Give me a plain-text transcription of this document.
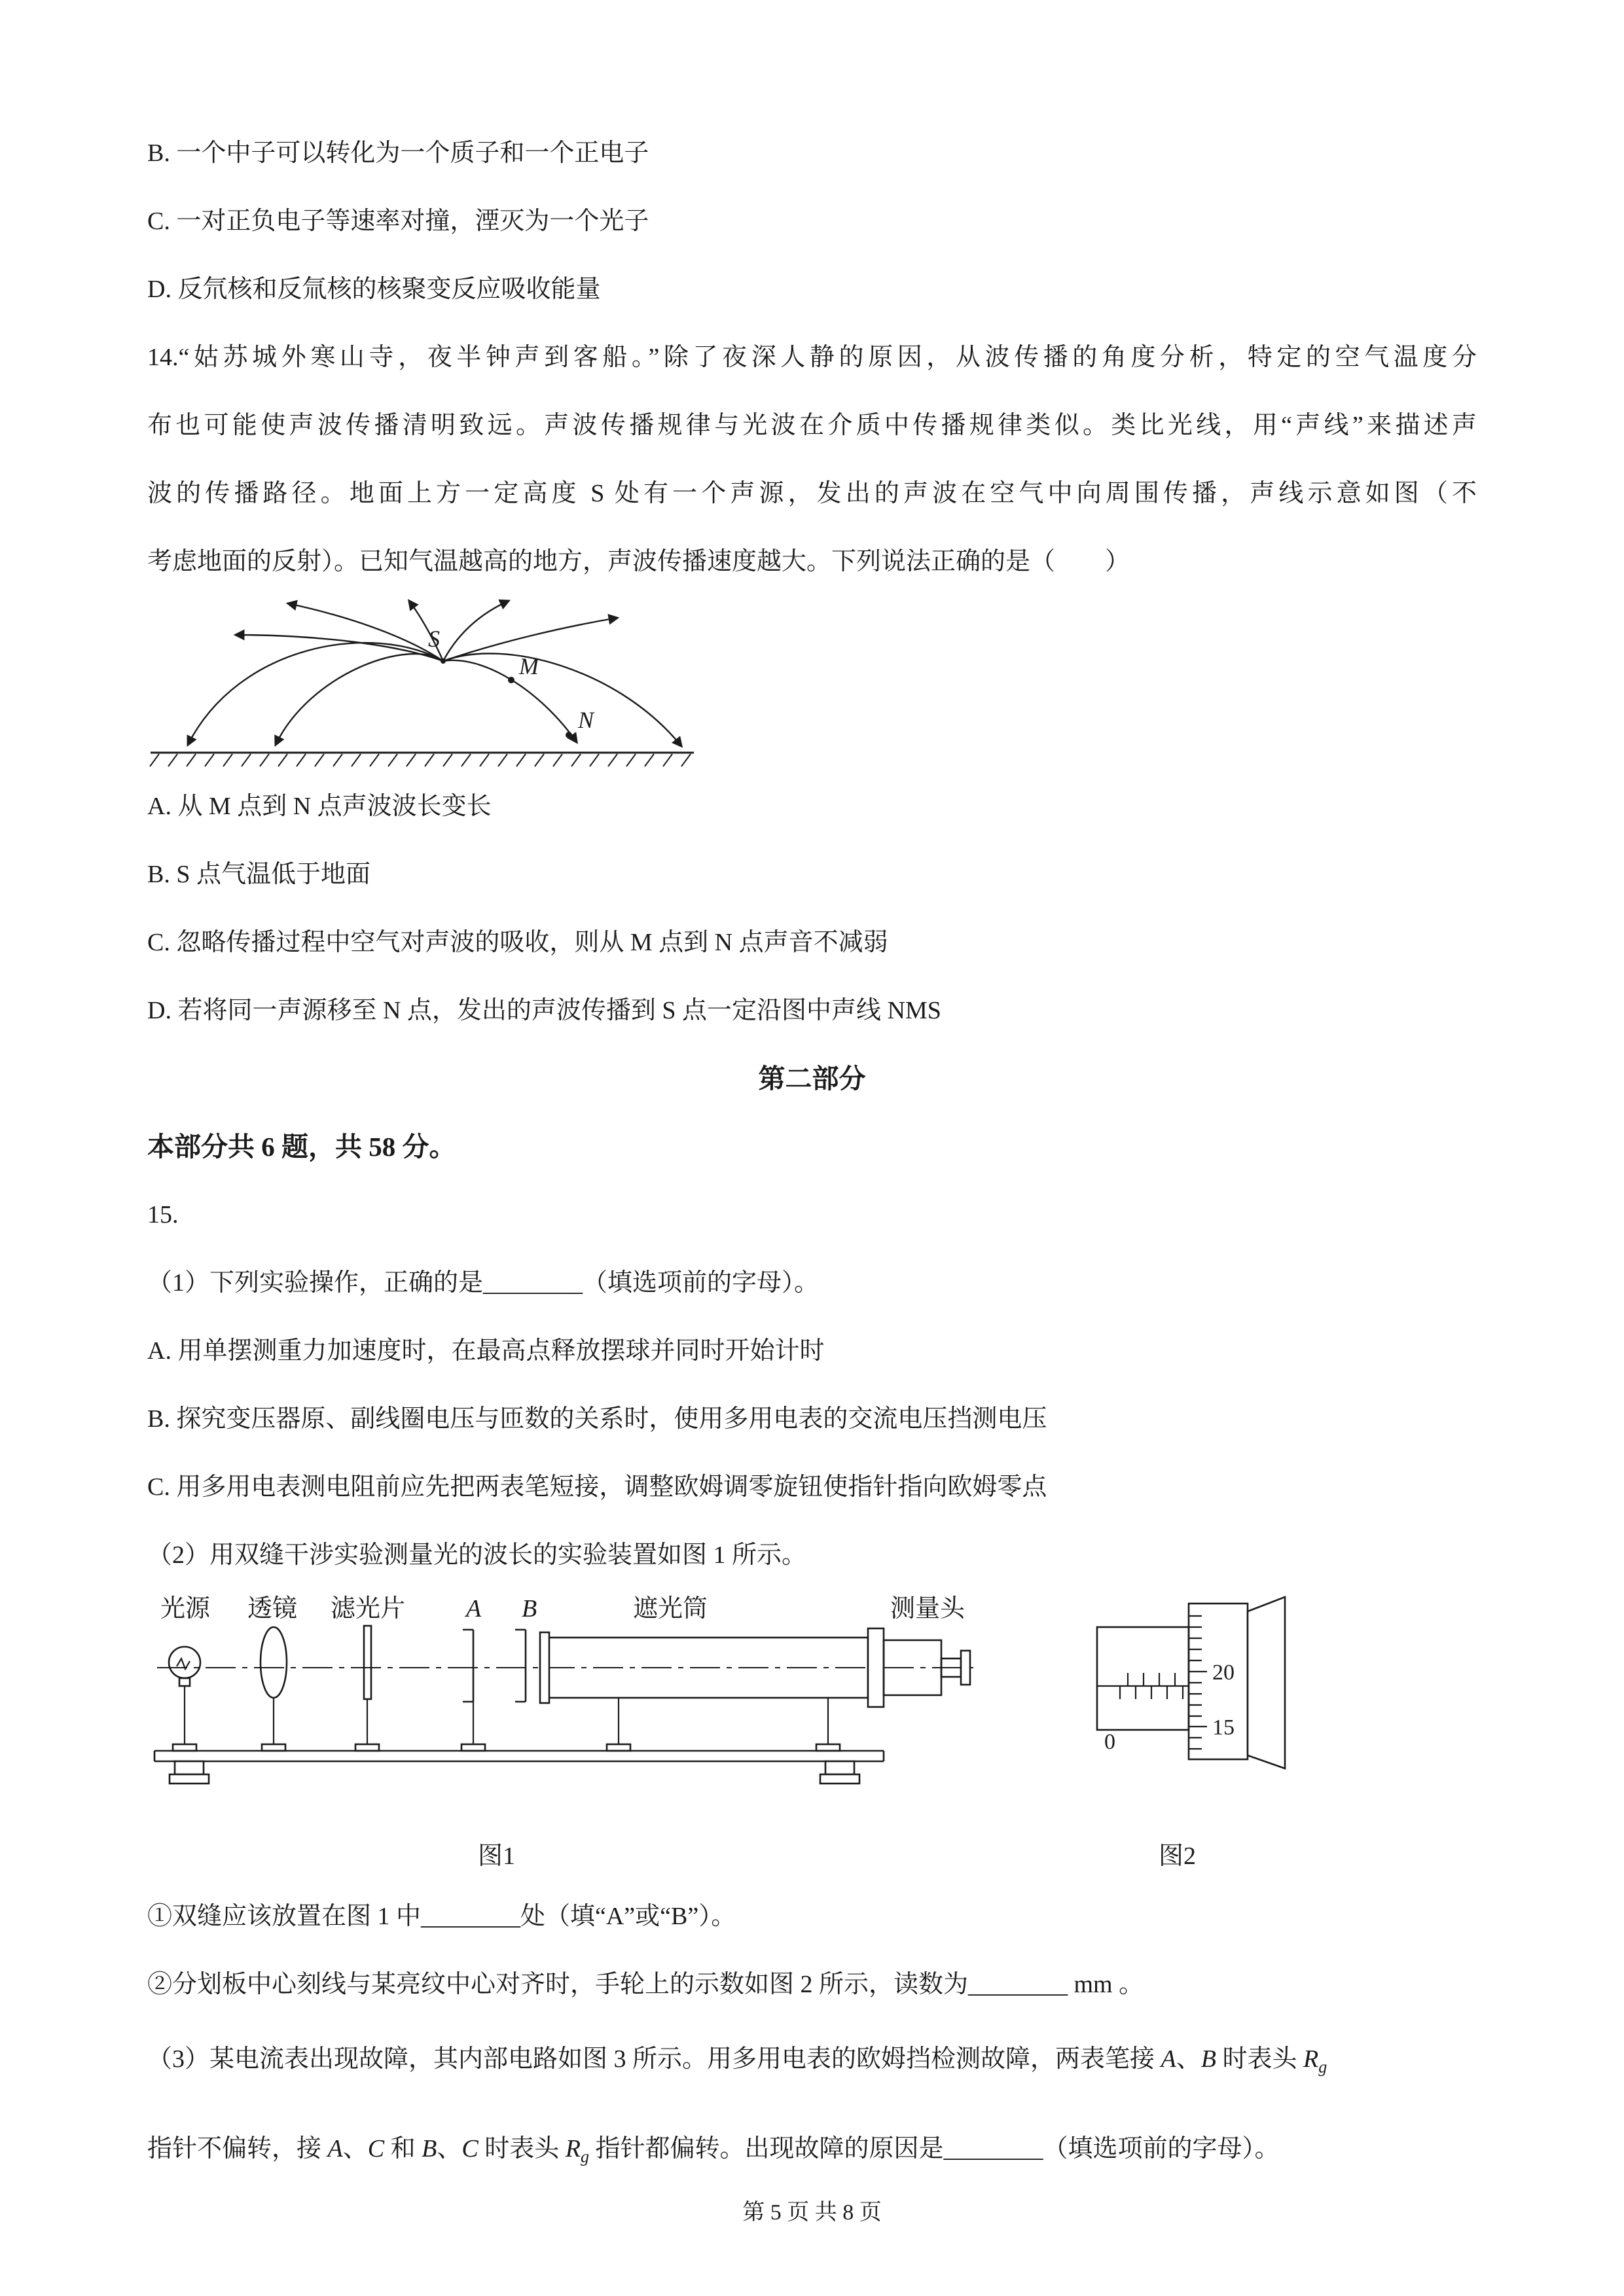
B. 一个中子可以转化为一个质子和一个正电子

C. 一对正负电子等速率对撞，湮灭为一个光子

D. 反氘核和反氚核的核聚变反应吸收能量

14.“姑苏城外寒山寺，夜半钟声到客船。”除了夜深人静的原因，从波传播的角度分析，特定的空气温度分

布也可能使声波传播清明致远。声波传播规律与光波在介质中传播规律类似。类比光线，用“声线”来描述声

波的传播路径。地面上方一定高度 S 处有一个声源，发出的声波在空气中向周围传播，声线示意如图（不

考虑地面的反射）。已知气温越高的地方，声波传播速度越大。下列说法正确的是（　　）

S
M
N

A. 从 M 点到 N 点声波波长变长

B. S 点气温低于地面

C. 忽略传播过程中空气对声波的吸收，则从 M 点到 N 点声音不减弱

D. 若将同一声源移至 N 点，发出的声波传播到 S 点一定沿图中声线 NMS

第二部分

本部分共 6 题，共 58 分。

15.

（1）下列实验操作，正确的是________（填选项前的字母）。

A. 用单摆测重力加速度时，在最高点释放摆球并同时开始计时

B. 探究变压器原、副线圈电压与匝数的关系时，使用多用电表的交流电压挡测电压

C. 用多用电表测电阻前应先把两表笔短接，调整欧姆调零旋钮使指针指向欧姆零点

（2）用双缝干涉实验测量光的波长的实验装置如图 1 所示。

光源 透镜 滤光片 A B	遮光筒	测量头
0
20
15
图1	图2

①双缝应该放置在图 1 中________处（填“A”或“B”）。

②分划板中心刻线与某亮纹中心对齐时，手轮上的示数如图 2 所示，读数为________ mm 。

（3）某电流表出现故障，其内部电路如图 3 所示。用多用电表的欧姆挡检测故障，两表笔接 A、B 时表头 $R_g$

指针不偏转，接 A、C 和 B、C 时表头 $R_g$ 指针都偏转。出现故障的原因是________（填选项前的字母）。

第 5 页 共 8 页
